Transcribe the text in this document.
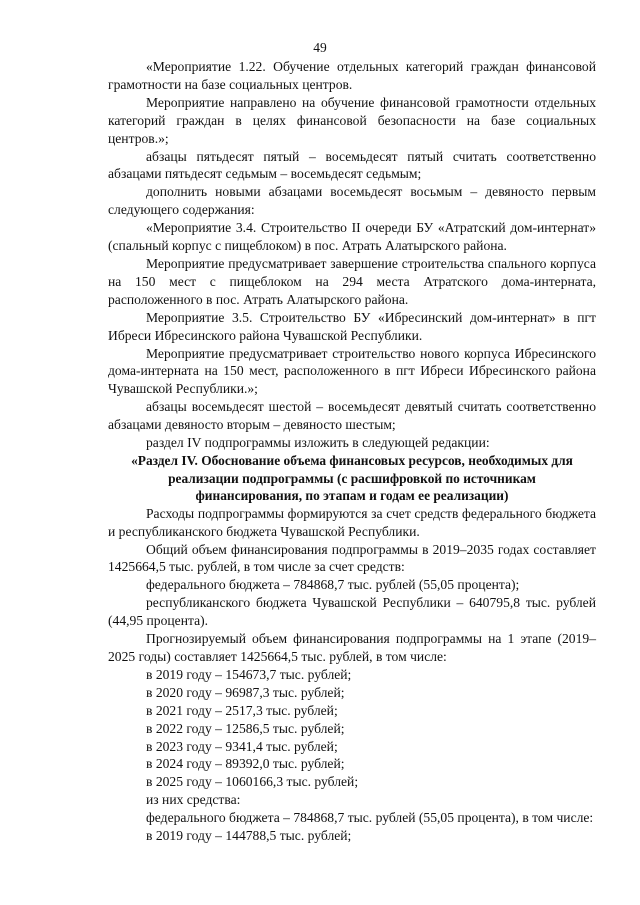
49

«Мероприятие 1.22. Обучение отдельных категорий граждан финансовой грамотности на базе социальных центров.

Мероприятие направлено на обучение финансовой грамотности отдельных категорий граждан в целях финансовой безопасности на базе социальных центров.»;

абзацы пятьдесят пятый – восемьдесят пятый считать соответственно абзацами пятьдесят седьмым – восемьдесят седьмым;

дополнить новыми абзацами восемьдесят восьмым – девяносто первым следующего содержания:

«Мероприятие 3.4. Строительство II очереди БУ «Атратский дом-интернат» (спальный корпус с пищеблоком) в пос. Атрать Алатырского района.

Мероприятие предусматривает завершение строительства спального корпуса на 150 мест с пищеблоком на 294 места Атратского дома-интерната, расположенного в пос. Атрать Алатырского района.

Мероприятие 3.5. Строительство БУ «Ибресинский дом-интернат» в пгт Ибреси Ибресинского района Чувашской Республики.

Мероприятие предусматривает строительство нового корпуса Ибресинского дома-интерната на 150 мест, расположенного в пгт Ибреси Ибресинского района Чувашской Республики.»;

абзацы восемьдесят шестой – восемьдесят девятый считать соответственно абзацами девяносто вторым – девяносто шестым;

раздел IV подпрограммы изложить в следующей редакции:

«Раздел IV. Обоснование объема финансовых ресурсов, необходимых для реализации подпрограммы (с расшифровкой по источникам финансирования, по этапам и годам ее реализации)

Расходы подпрограммы формируются за счет средств федерального бюджета и республиканского бюджета Чувашской Республики.

Общий объем финансирования подпрограммы в 2019–2035 годах составляет 1425664,5 тыс. рублей, в том числе за счет средств:

федерального бюджета – 784868,7 тыс. рублей (55,05 процента);

республиканского бюджета Чувашской Республики – 640795,8 тыс. рублей (44,95 процента).

Прогнозируемый объем финансирования подпрограммы на 1 этапе (2019–2025 годы) составляет 1425664,5 тыс. рублей, в том числе:

в 2019 году – 154673,7 тыс. рублей;

в 2020 году – 96987,3 тыс. рублей;

в 2021 году – 2517,3 тыс. рублей;

в 2022 году – 12586,5 тыс. рублей;

в 2023 году – 9341,4 тыс. рублей;

в 2024 году – 89392,0 тыс. рублей;

в 2025 году – 1060166,3 тыс. рублей;

из них средства:

федерального бюджета – 784868,7 тыс. рублей (55,05 процента), в том числе:

в 2019 году – 144788,5 тыс. рублей;
